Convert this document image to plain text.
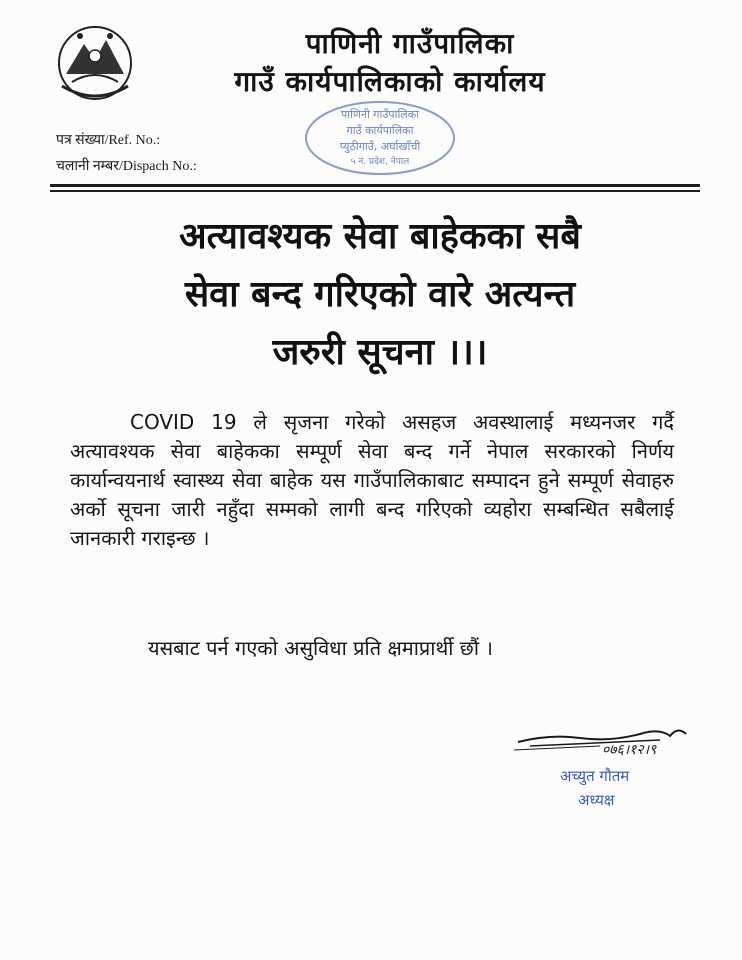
पाणिनी गाउँपालिका
गाउँ कार्यपालिकाको कार्यालय
पत्र संख्या/Ref. No.:
चलानी नम्बर/Dispach No.:
पाणिनी गाउँपालिका
गाउँ कार्यपालिका
प्युठीगाउँ, अर्घाखाँची
५ नं. प्रदेश, नेपाल
अत्यावश्यक सेवा बाहेकका सबै
सेवा बन्द गरिएको वारे अत्यन्त
जरुरी सूचना ।।।

COVID 19 ले सृजना गरेको असहज अवस्थालाई मध्यनजर गर्दै अत्यावश्यक सेवा बाहेकका सम्पूर्ण सेवा बन्द गर्ने नेपाल सरकारको निर्णय कार्यान्वयनार्थ स्वास्थ्य सेवा बाहेक यस गाउँपालिकाबाट सम्पादन हुने सम्पूर्ण सेवाहरु अर्को सूचना जारी नहुँदा सम्मको लागी बन्द गरिएको व्यहोरा सम्बन्धित सबैलाई जानकारी गराइन्छ ।

यसबाट पर्न गएको असुविधा प्रति क्षमाप्रार्थी छौं ।
०७६।१२।९
अच्युत गौतम
अध्यक्ष
